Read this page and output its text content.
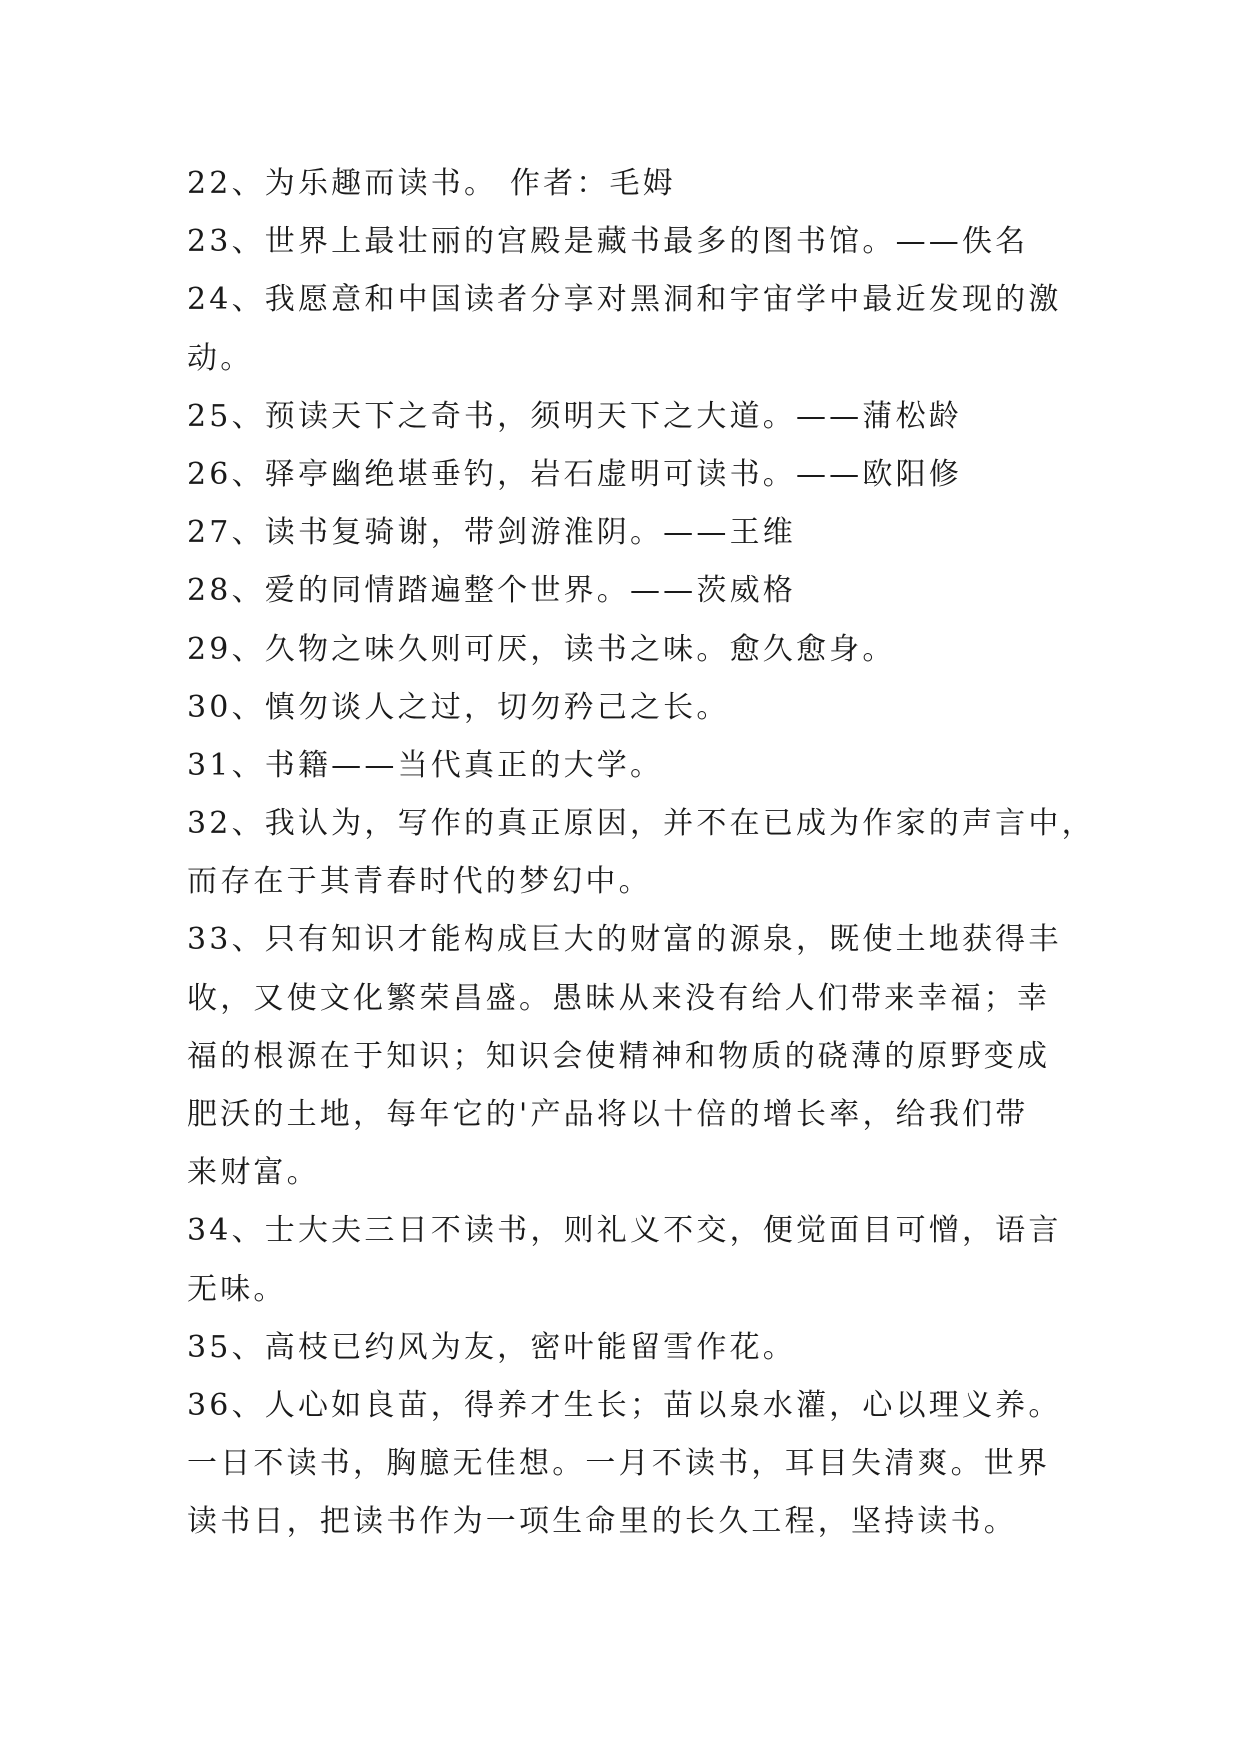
22、为乐趣而读书。 作者：毛姆
23、世界上最壮丽的宫殿是藏书最多的图书馆。——佚名
24、我愿意和中国读者分享对黑洞和宇宙学中最近发现的激
动。
25、预读天下之奇书，须明天下之大道。——蒲松龄
26、驿亭幽绝堪垂钓，岩石虚明可读书。——欧阳修
27、读书复骑谢，带剑游淮阴。——王维
28、爱的同情踏遍整个世界。——茨威格
29、久物之味久则可厌，读书之味。愈久愈身。
30、慎勿谈人之过，切勿矜己之长。
31、书籍——当代真正的大学。
32、我认为，写作的真正原因，并不在已成为作家的声言中，
而存在于其青春时代的梦幻中。
33、只有知识才能构成巨大的财富的源泉，既使土地获得丰
收，又使文化繁荣昌盛。愚昧从来没有给人们带来幸福；幸
福的根源在于知识；知识会使精神和物质的硗薄的原野变成
肥沃的土地，每年它的'产品将以十倍的增长率，给我们带
来财富。
34、士大夫三日不读书，则礼义不交，便觉面目可憎，语言
无味。
35、高枝已约风为友，密叶能留雪作花。
36、人心如良苗，得养才生长；苗以泉水灌，心以理义养。
一日不读书，胸臆无佳想。一月不读书，耳目失清爽。世界
读书日，把读书作为一项生命里的长久工程，坚持读书。
